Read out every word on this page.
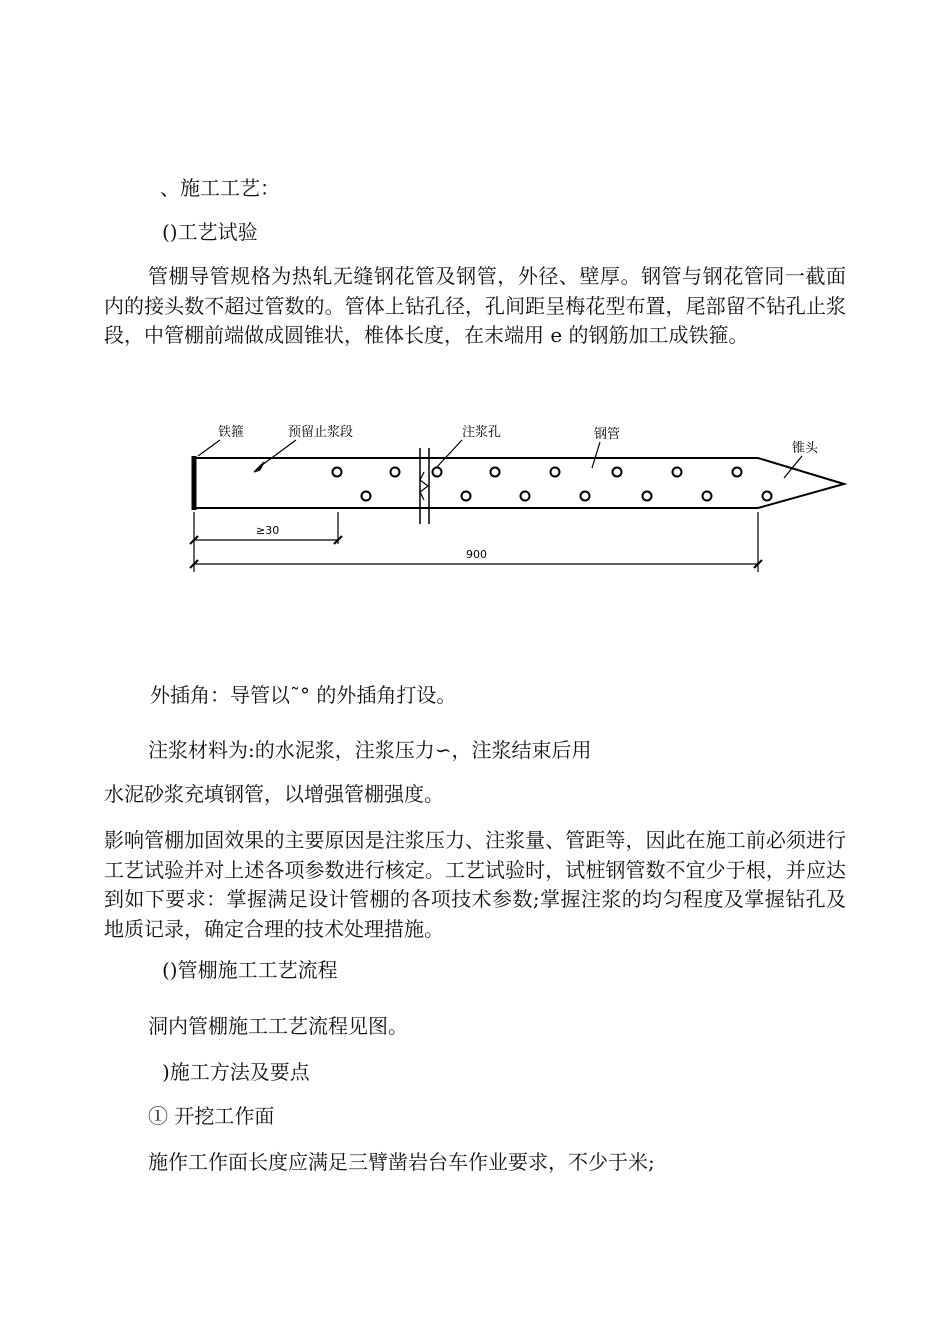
、施工工艺：
()工艺试验
管棚导管规格为热轧无缝钢花管及钢管，外径、壁厚。钢管与钢花管同一截面内的接头数不超过管数的。管体上钻孔径，孔间距呈梅花型布置，尾部留不钻孔止浆段，中管棚前端做成圆锥状，椎体长度，在末端用 e 的钢筋加工成铁箍。
铁箍	预留止浆段	注浆孔	钢管
锥头
≥30
900
外插角：导管以˜° 的外插角打设。
注浆材料为:的水泥浆，注浆压力∽，注浆结束后用
水泥砂浆充填钢管，以增强管棚强度。
影响管棚加固效果的主要原因是注浆压力、注浆量、管距等，因此在施工前必须进行工艺试验并对上述各项参数进行核定。工艺试验时，试桩钢管数不宜少于根，并应达到如下要求：掌握满足设计管棚的各项技术参数;掌握注浆的均匀程度及掌握钻孔及地质记录，确定合理的技术处理措施。
()管棚施工工艺流程
洞内管棚施工工艺流程见图。
)施工方法及要点
① 开挖工作面
施作工作面长度应满足三臂凿岩台车作业要求，不少于米;
